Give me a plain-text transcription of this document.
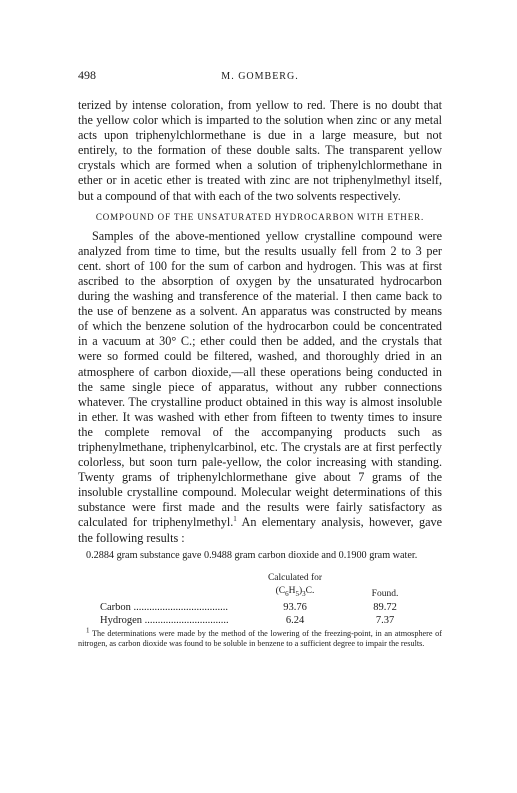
498	M. GOMBERG.

terized by intense coloration, from yellow to red. There is no doubt that the yellow color which is imparted to the solution when zinc or any metal acts upon triphenylchlormethane is due in a large measure, but not entirely, to the formation of these double salts. The transparent yellow crystals which are formed when a solution of triphenylchlormethane in ether or in acetic ether is treated with zinc are not triphenylmethyl itself, but a compound of that with each of the two solvents respectively.

COMPOUND OF THE UNSATURATED HYDROCARBON WITH ETHER.

Samples of the above-mentioned yellow crystalline compound were analyzed from time to time, but the results usually fell from 2 to 3 per cent. short of 100 for the sum of carbon and hydrogen. This was at first ascribed to the absorption of oxygen by the unsaturated hydrocarbon during the washing and transference of the material. I then came back to the use of benzene as a solvent. An apparatus was constructed by means of which the benzene solution of the hydrocarbon could be concentrated in a vacuum at 30° C.; ether could then be added, and the crystals that were so formed could be filtered, washed, and thoroughly dried in an atmosphere of carbon dioxide,—all these operations being conducted in the same single piece of apparatus, without any rubber connections whatever. The crystalline product obtained in this way is almost insoluble in ether. It was washed with ether from fifteen to twenty times to insure the complete removal of the accompanying products such as triphenylmethane, triphenylcarbinol, etc. The crystals are at first perfectly colorless, but soon turn pale-yellow, the color increasing with standing. Twenty grams of triphenylchlormethane give about 7 grams of the insoluble crystalline compound. Molecular weight determinations of this substance were first made and the results were fairly satisfactory as calculated for triphenylmethyl.$^1$ An elementary analysis, however, gave the following results :

0.2884 gram substance gave 0.9488 gram carbon dioxide and 0.1900 gram water.

	Calculated for
$(C_6H_5)_3C$.	Found.
Carbon ....................................	93.76	89.72
Hydrogen ................................	6.24	7.37

$^1$ The determinations were made by the method of the lowering of the freezing-point, in an atmosphere of nitrogen, as carbon dioxide was found to be soluble in benzene to a sufficient degree to impair the results.
